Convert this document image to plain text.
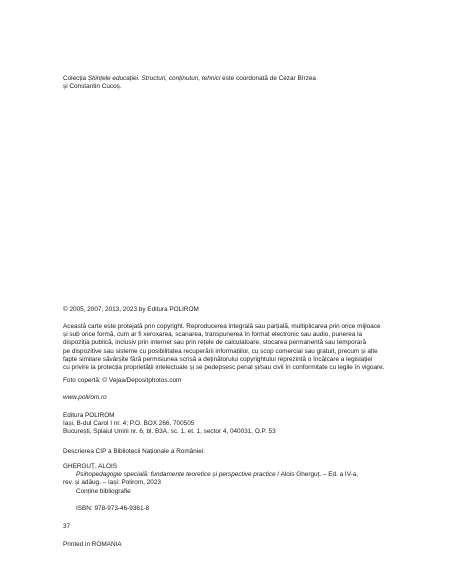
Colecția Științele educației. Structuri, conținuturi, tehnici este coordonată de Cezar Bîrzea
și Constantin Cucoș.
© 2005, 2007, 2013, 2023 by Editura POLIROM
Această carte este protejată prin copyright. Reproducerea integrală sau parțială, multiplicarea prin orice mijloace
și sub orice formă, cum ar fi xeroxarea, scanarea, transpunerea în format electronic sau audio, punerea la
dispoziția publică, inclusiv prin internet sau prin rețele de calculatoare, stocarea permanentă sau temporară
pe dispozitive sau sisteme cu posibilitatea recuperării informațiilor, cu scop comercial sau gratuit, precum și alte
fapte similare săvârșite fără permisiunea scrisă a deținătorului copyrightului reprezintă o încălcare a legislației
cu privire la protecția proprietății intelectuale și se pedepsesc penal și/sau civil în conformitate cu legile în vigoare.
Foto copertă: © Vejaa/Depositphotos.com
www.polirom.ro
Editura POLIROM
Iași, B-dul Carol I nr. 4; P.O. BOX 266, 700505
București, Splaiul Unirii nr. 6, bl. B3A, sc. 1, et. 1, sector 4, 040031, O.P. 53
Descrierea CIP a Bibliotecii Naționale a României:
GHERGUȚ, ALOIS
Psihopedagogie specială: fundamente teoretice și perspective practice / Alois Gherguț. – Ed. a IV-a,
rev. și adăug. – Iași: Polirom, 2023
Conține bibliografie
ISBN: 978-973-46-9361-8
37
Printed in ROMANIA
